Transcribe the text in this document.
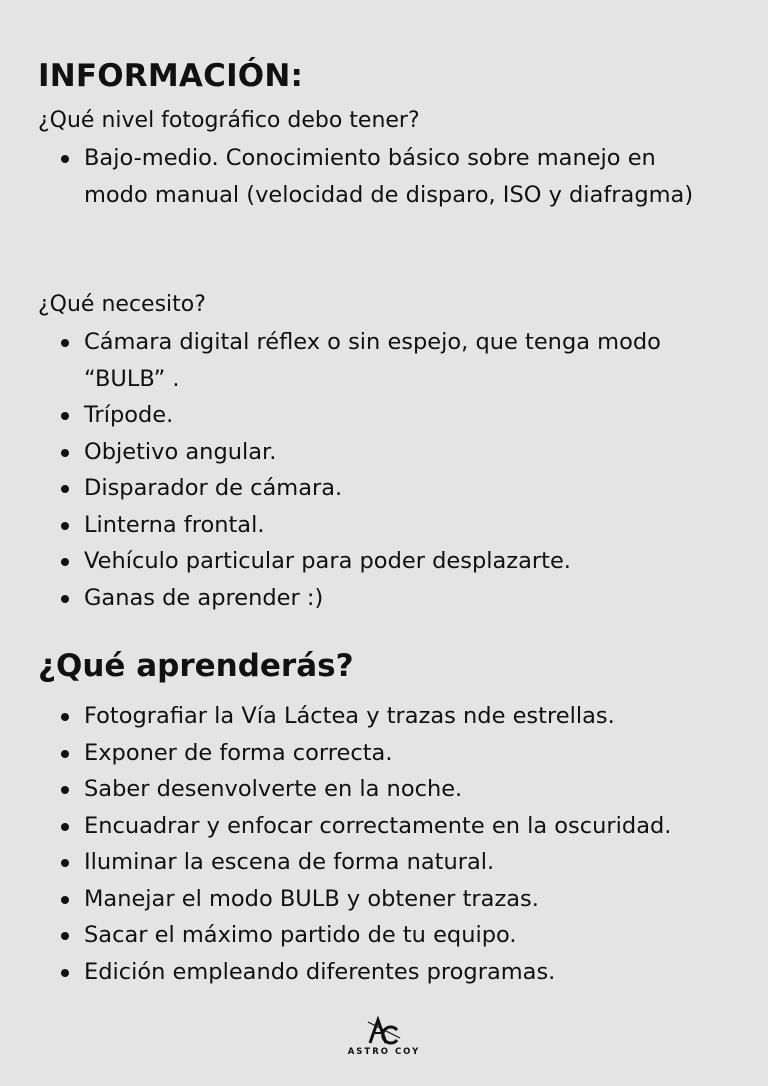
INFORMACIÓN:

¿Qué nivel fotográfico debo tener?

Bajo-medio. Conocimiento básico sobre manejo en modo manual (velocidad de disparo, ISO y diafragma)

¿Qué necesito?

Cámara digital réflex o sin espejo, que tenga modo “BULB” .
Trípode.
Objetivo angular.
Disparador de cámara.
Linterna frontal.
Vehículo particular para poder desplazarte.
Ganas de aprender :)
¿Qué aprenderás?
Fotografiar la Vía Láctea y trazas nde estrellas.
Exponer de forma correcta.
Saber desenvolverte en la noche.
Encuadrar y enfocar correctamente en la oscuridad.
Iluminar la escena de forma natural.
Manejar el modo BULB y obtener trazas.
Sacar el máximo partido de tu equipo.
Edición empleando diferentes programas.
ASTRO COY
